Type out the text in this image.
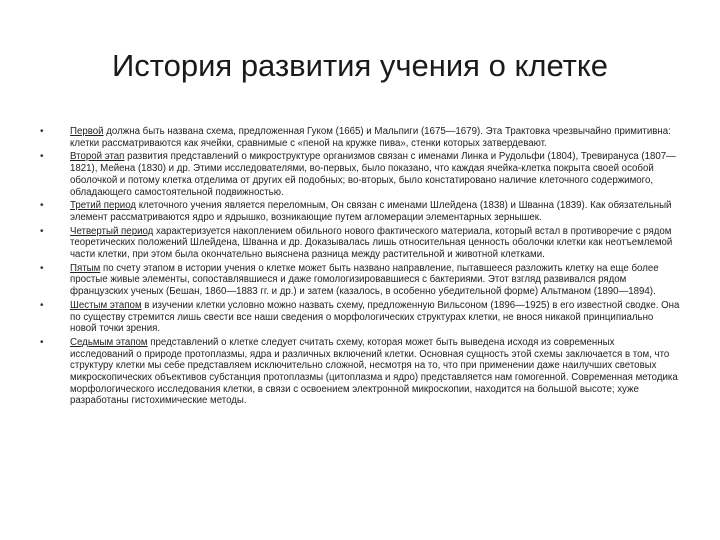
История развития учения о клетке
•	Первой должна быть названа схема, предложенная Гуком (1665) и Мальпиги (1675—1679). Эта Трактовка чрезвычайно примитивна: клетки рассматриваются как ячейки, сравнимые с «пеной на кружке пива», стенки которых затвердевают.
•	Второй этап развития представлений о микроструктуре организмов связан с именами Линка и Рудольфи (1804), Тревирануса (1807—1821), Мейена (1830) и др. Этими исследователями, во-первых, было показано, что каждая ячейка-клетка покрыта своей особой оболочкой и потому клетка отделима от других ей подобных; во-вторых, было констатировано наличие клеточного содержимого, обладающего самостоятельной подвижностью.
•	Третий период клеточного учения является переломным, Он связан с именами Шлейдена (1838) и Шванна (1839). Как обязательный элемент рассматриваются ядро и ядрышко, возникающие путем агломерации элементарных зернышек.
•	Четвертый период характеризуется накоплением обильного нового фактического материала, который встал в противоречие с рядом теоретических положений Шлейдена, Шванна и др. Доказывалась лишь относительная ценность оболочки клетки как неотъемлемой части клетки, при этом была окончательно выяснена разница между растительной и животной клетками.
•	Пятым по счету этапом в истории учения о клетке может быть названо направление, пытавшееся разложить клетку на еще более простые живые элементы, сопоставлявшиеся и даже гомологизировавшиеся с бактериями. Этот взгляд развивался рядом французских ученых (Бешан, 1860—1883 гг. и др.) и затем (казалось, в особенно убедительной форме) Альтманом (1890—1894).
•	Шестым этапом в изучении клетки условно можно назвать схему, предложенную Вильсоном (1896—1925) в его известной сводке. Она по существу стремится лишь свести все наши сведения о морфологических структурах клетки, не внося никакой принципиально новой точки зрения.
•	Седьмым этапом представлений о клетке следует считать схему, которая может быть выведена исходя из современных исследований о природе протоплазмы, ядра и различных включений клетки. Основная сущность этой схемы заключается в том, что структуру клетки мы себе представляем исключительно сложной, несмотря на то, что при применении даже наилучших световых микроскопических объективов субстанция протоплазмы (цитоплазма и ядро) представляется нам гомогенной. Современная методика морфологического исследования клетки, в связи с освоением электронной микроскопии, находится на большой высоте; хуже разработаны гистохимические методы.
